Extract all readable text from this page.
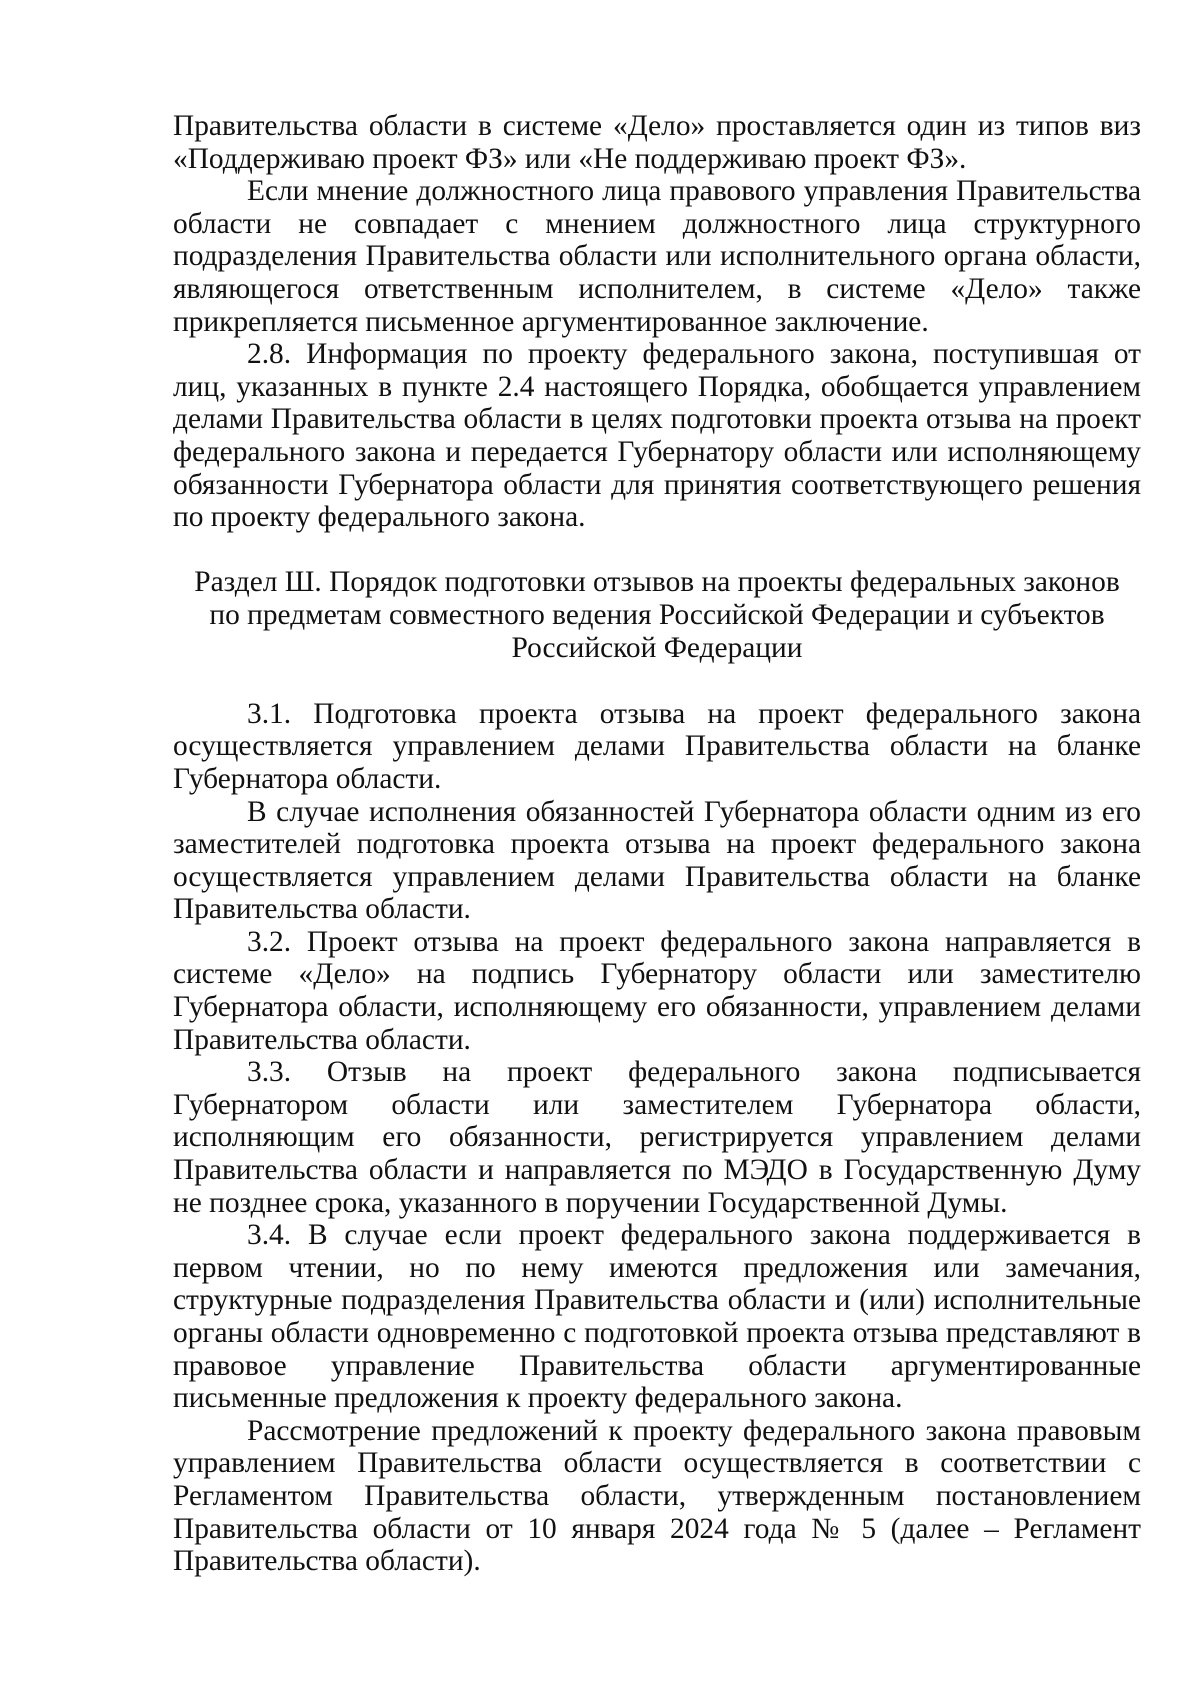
Правительства области в системе «Дело» проставляется один из типов виз «Поддерживаю проект ФЗ» или «Не поддерживаю проект ФЗ».

Если мнение должностного лица правового управления Правительства области не совпадает с мнением должностного лица структурного подразделения Правительства области или исполнительного органа области, являющегося ответственным исполнителем, в системе «Дело» также прикрепляется письменное аргументированное заключение.

2.8. Информация по проекту федерального закона, поступившая от лиц, указанных в пункте 2.4 настоящего Порядка, обобщается управлением делами Правительства области в целях подготовки проекта отзыва на проект федерального закона и передается Губернатору области или исполняющему обязанности Губернатора области для принятия соответствующего решения по проекту федерального закона.

Раздел Ш. Порядок подготовки отзывов на проекты федеральных законов
по предметам совместного ведения Российской Федерации и субъектов
Российской Федерации

3.1. Подготовка проекта отзыва на проект федерального закона осуществляется управлением делами Правительства области на бланке Губернатора области.

В случае исполнения обязанностей Губернатора области одним из его заместителей подготовка проекта отзыва на проект федерального закона осуществляется управлением делами Правительства области на бланке Правительства области.

3.2. Проект отзыва на проект федерального закона направляется в системе «Дело» на подпись Губернатору области или заместителю Губернатора области, исполняющему его обязанности, управлением делами Правительства области.

3.3. Отзыв на проект федерального закона подписывается Губернатором области или заместителем Губернатора области, исполняющим его обязанности, регистрируется управлением делами Правительства области и направляется по МЭДО в Государственную Думу не позднее срока, указанного в поручении Государственной Думы.

3.4. В случае если проект федерального закона поддерживается в первом чтении, но по нему имеются предложения или замечания, структурные подразделения Правительства области и (или) исполнительные органы области одновременно с подготовкой проекта отзыва представляют в правовое управление Правительства области аргументированные письменные предложения к проекту федерального закона.

Рассмотрение предложений к проекту федерального закона правовым управлением Правительства области осуществляется в соответствии с Регламентом Правительства области, утвержденным постановлением Правительства области от 10 января 2024 года № 5 (далее – Регламент Правительства области).
